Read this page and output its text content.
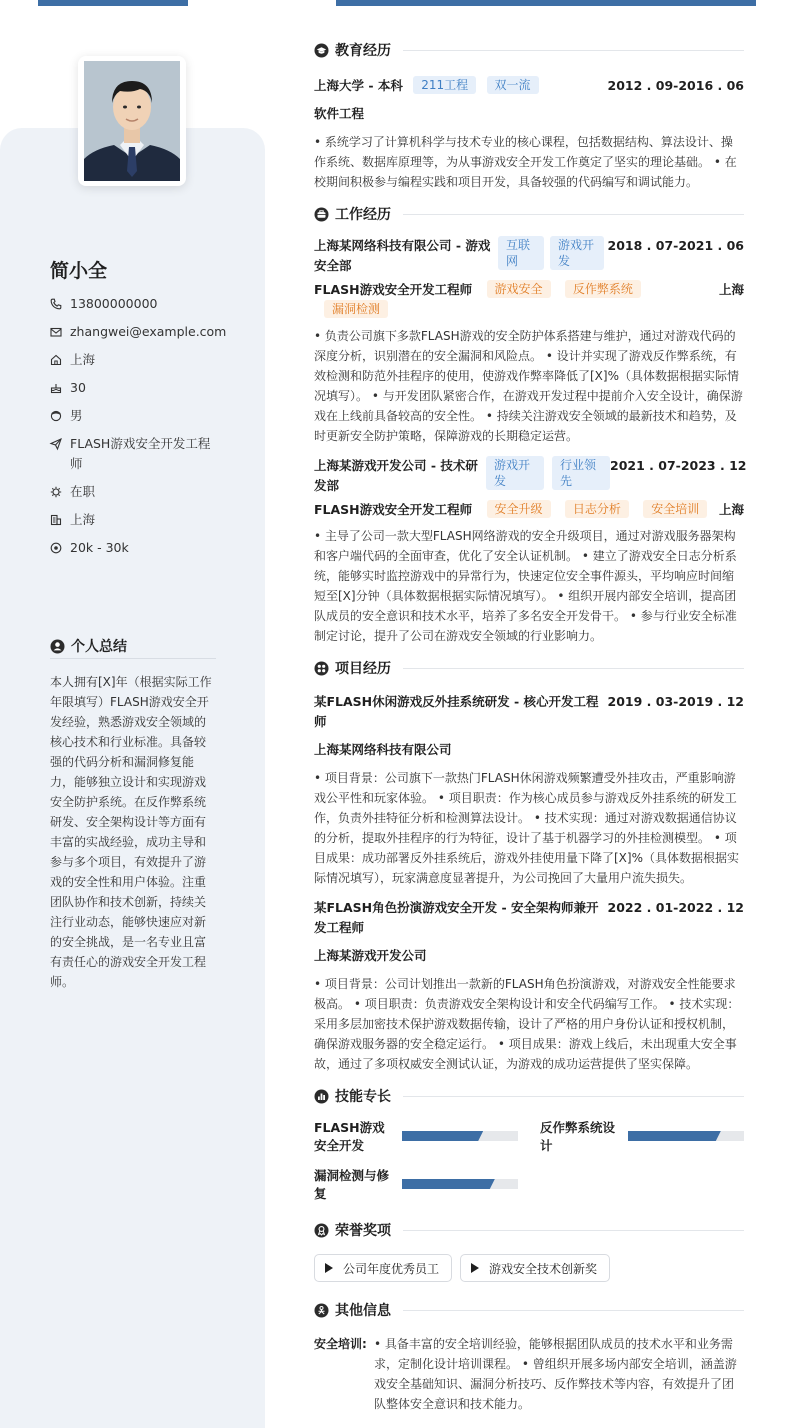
简小全
13800000000
zhangwei@example.com
上海
30
男
FLASH游戏安全开发工程师
在职
上海
20k - 30k
个人总结
本人拥有[X]年（根据实际工作年限填写）FLASH游戏安全开发经验，熟悉游戏安全领域的核心技术和行业标准。具备较强的代码分析和漏洞修复能力，能够独立设计和实现游戏安全防护系统。在反作弊系统研发、安全架构设计等方面有丰富的实战经验，成功主导和参与多个项目，有效提升了游戏的安全性和用户体验。注重团队协作和技术创新，持续关注行业动态，能够快速应对新的安全挑战，是一名专业且富有责任心的游戏安全开发工程师。
教育经历
上海大学 - 本科 211工程 双一流	2012 . 09-2016 . 06
软件工程
• 系统学习了计算机科学与技术专业的核心课程，包括数据结构、算法设计、操作系统、数据库原理等，为从事游戏安全开发工作奠定了坚实的理论基础。 • 在校期间积极参与编程实践和项目开发，具备较强的代码编写和调试能力。
工作经历
上海某网络科技有限公司 - 游戏安全部
互联网
游戏开发
2018 . 07-2021 . 06
FLASH游戏安全开发工程师 游戏安全	反作弊系统 漏洞检测
上海
• 负责公司旗下多款FLASH游戏的安全防护体系搭建与维护，通过对游戏代码的深度分析，识别潜在的安全漏洞和风险点。 • 设计并实现了游戏反作弊系统，有效检测和防范外挂程序的使用，使游戏作弊率降低了[X]%（具体数据根据实际情况填写）。 • 与开发团队紧密合作，在游戏开发过程中提前介入安全设计，确保游戏在上线前具备较高的安全性。 • 持续关注游戏安全领域的最新技术和趋势，及时更新安全防护策略，保障游戏的长期稳定运营。
上海某游戏开发公司 - 技术研发部
游戏开发
行业领先
2021 . 07-2023 . 12
FLASH游戏安全开发工程师 安全升级	日志分析	安全培训	上海
• 主导了公司一款大型FLASH网络游戏的安全升级项目，通过对游戏服务器架构和客户端代码的全面审查，优化了安全认证机制。 • 建立了游戏安全日志分析系统，能够实时监控游戏中的异常行为，快速定位安全事件源头，平均响应时间缩短至[X]分钟（具体数据根据实际情况填写）。 • 组织开展内部安全培训，提高团队成员的安全意识和技术水平，培养了多名安全开发骨干。 • 参与行业安全标准制定讨论，提升了公司在游戏安全领域的行业影响力。
项目经历
某FLASH休闲游戏反外挂系统研发 - 核心开发工程师
2019 . 03-2019 . 12
上海某网络科技有限公司
• 项目背景：公司旗下一款热门FLASH休闲游戏频繁遭受外挂攻击，严重影响游戏公平性和玩家体验。 • 项目职责：作为核心成员参与游戏反外挂系统的研发工作，负责外挂特征分析和检测算法设计。 • 技术实现：通过对游戏数据通信协议的分析，提取外挂程序的行为特征，设计了基于机器学习的外挂检测模型。 • 项目成果：成功部署反外挂系统后，游戏外挂使用量下降了[X]%（具体数据根据实际情况填写），玩家满意度显著提升，为公司挽回了大量用户流失损失。
某FLASH角色扮演游戏安全开发 - 安全架构师兼开发工程师
2022 . 01-2022 . 12
上海某游戏开发公司
• 项目背景：公司计划推出一款新的FLASH角色扮演游戏，对游戏安全性能要求极高。 • 项目职责：负责游戏安全架构设计和安全代码编写工作。 • 技术实现：采用多层加密技术保护游戏数据传输，设计了严格的用户身份认证和授权机制，确保游戏服务器的安全稳定运行。 • 项目成果：游戏上线后，未出现重大安全事故，通过了多项权威安全测试认证，为游戏的成功运营提供了坚实保障。
技能专长
FLASH游戏安全开发
反作弊系统设计
漏洞检测与修复
荣誉奖项
公司年度优秀员工	游戏安全技术创新奖
其他信息
安全培训: • 具备丰富的安全培训经验，能够根据团队成员的技术水平和业务需求，定制化设计培训课程。 • 曾组织开展多场内部安全培训，涵盖游戏安全基础知识、漏洞分析技巧、反作弊技术等内容，有效提升了团队整体安全意识和技术能力。
